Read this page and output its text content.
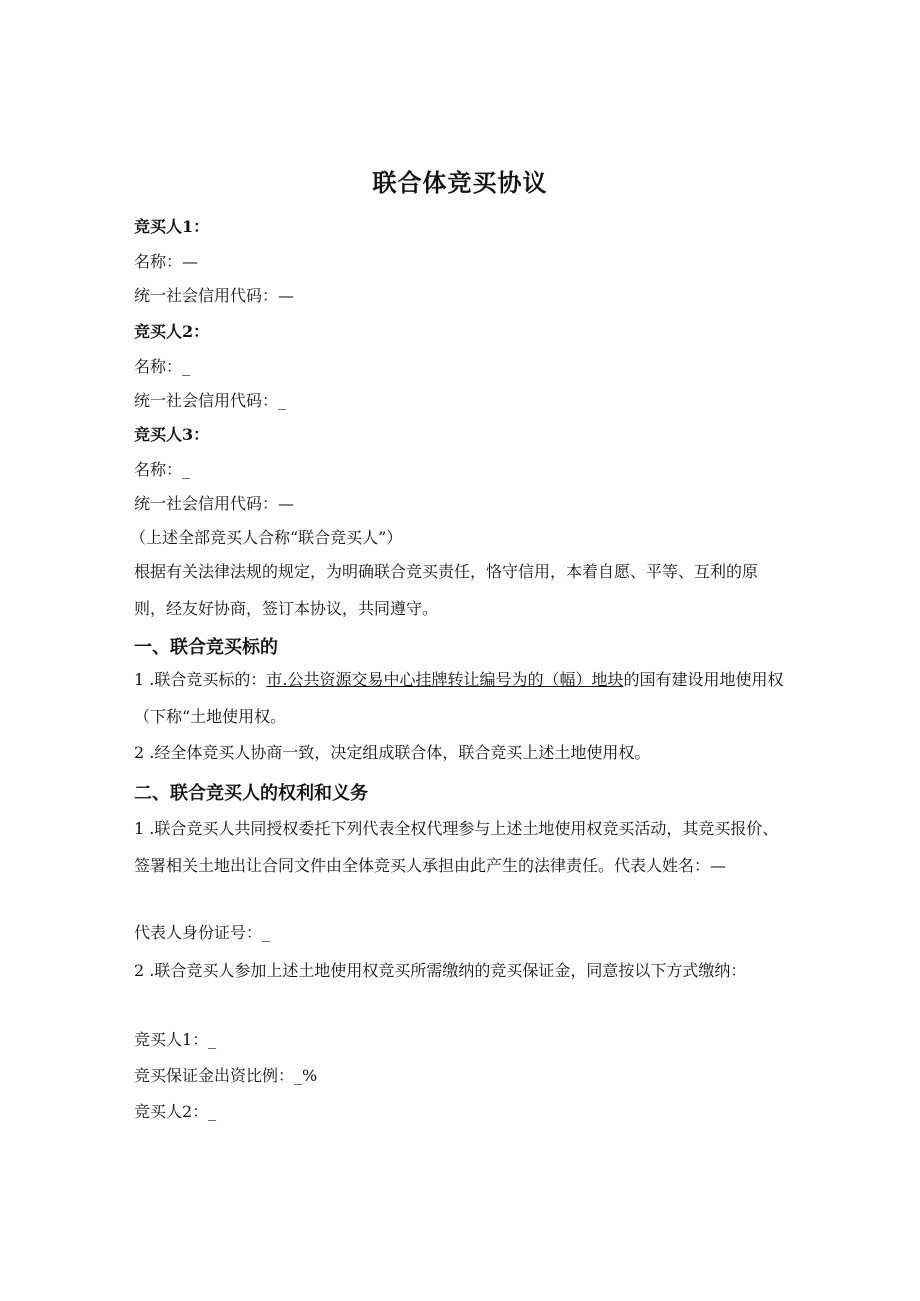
联合体竞买协议
竞买人1：
名称：—
统一社会信用代码：—
竞买人2：
名称：_
统一社会信用代码：_
竞买人3：
名称：_
统一社会信用代码：—
（上述全部竞买人合称“联合竞买人”）
根据有关法律法规的规定，为明确联合竞买责任，恪守信用，本着自愿、平等、互利的原则，经友好协商，签订本协议，共同遵守。
一、联合竞买标的
1 .联合竞买标的：市.公共资源交易中心挂牌转让编号为的（幅）地块的国有建设用地使用权（下称“土地使用权。
2 .经全体竞买人协商一致，决定组成联合体，联合竞买上述土地使用权。
二、联合竞买人的权利和义务
1 .联合竞买人共同授权委托下列代表全权代理参与上述土地使用权竞买活动，其竞买报价、签署相关土地出让合同文件由全体竞买人承担由此产生的法律责任。代表人姓名：—
代表人身份证号：_
2 .联合竞买人参加上述土地使用权竞买所需缴纳的竞买保证金，同意按以下方式缴纳：
竞买人1：_
竞买保证金出资比例：_%
竞买人2：_
